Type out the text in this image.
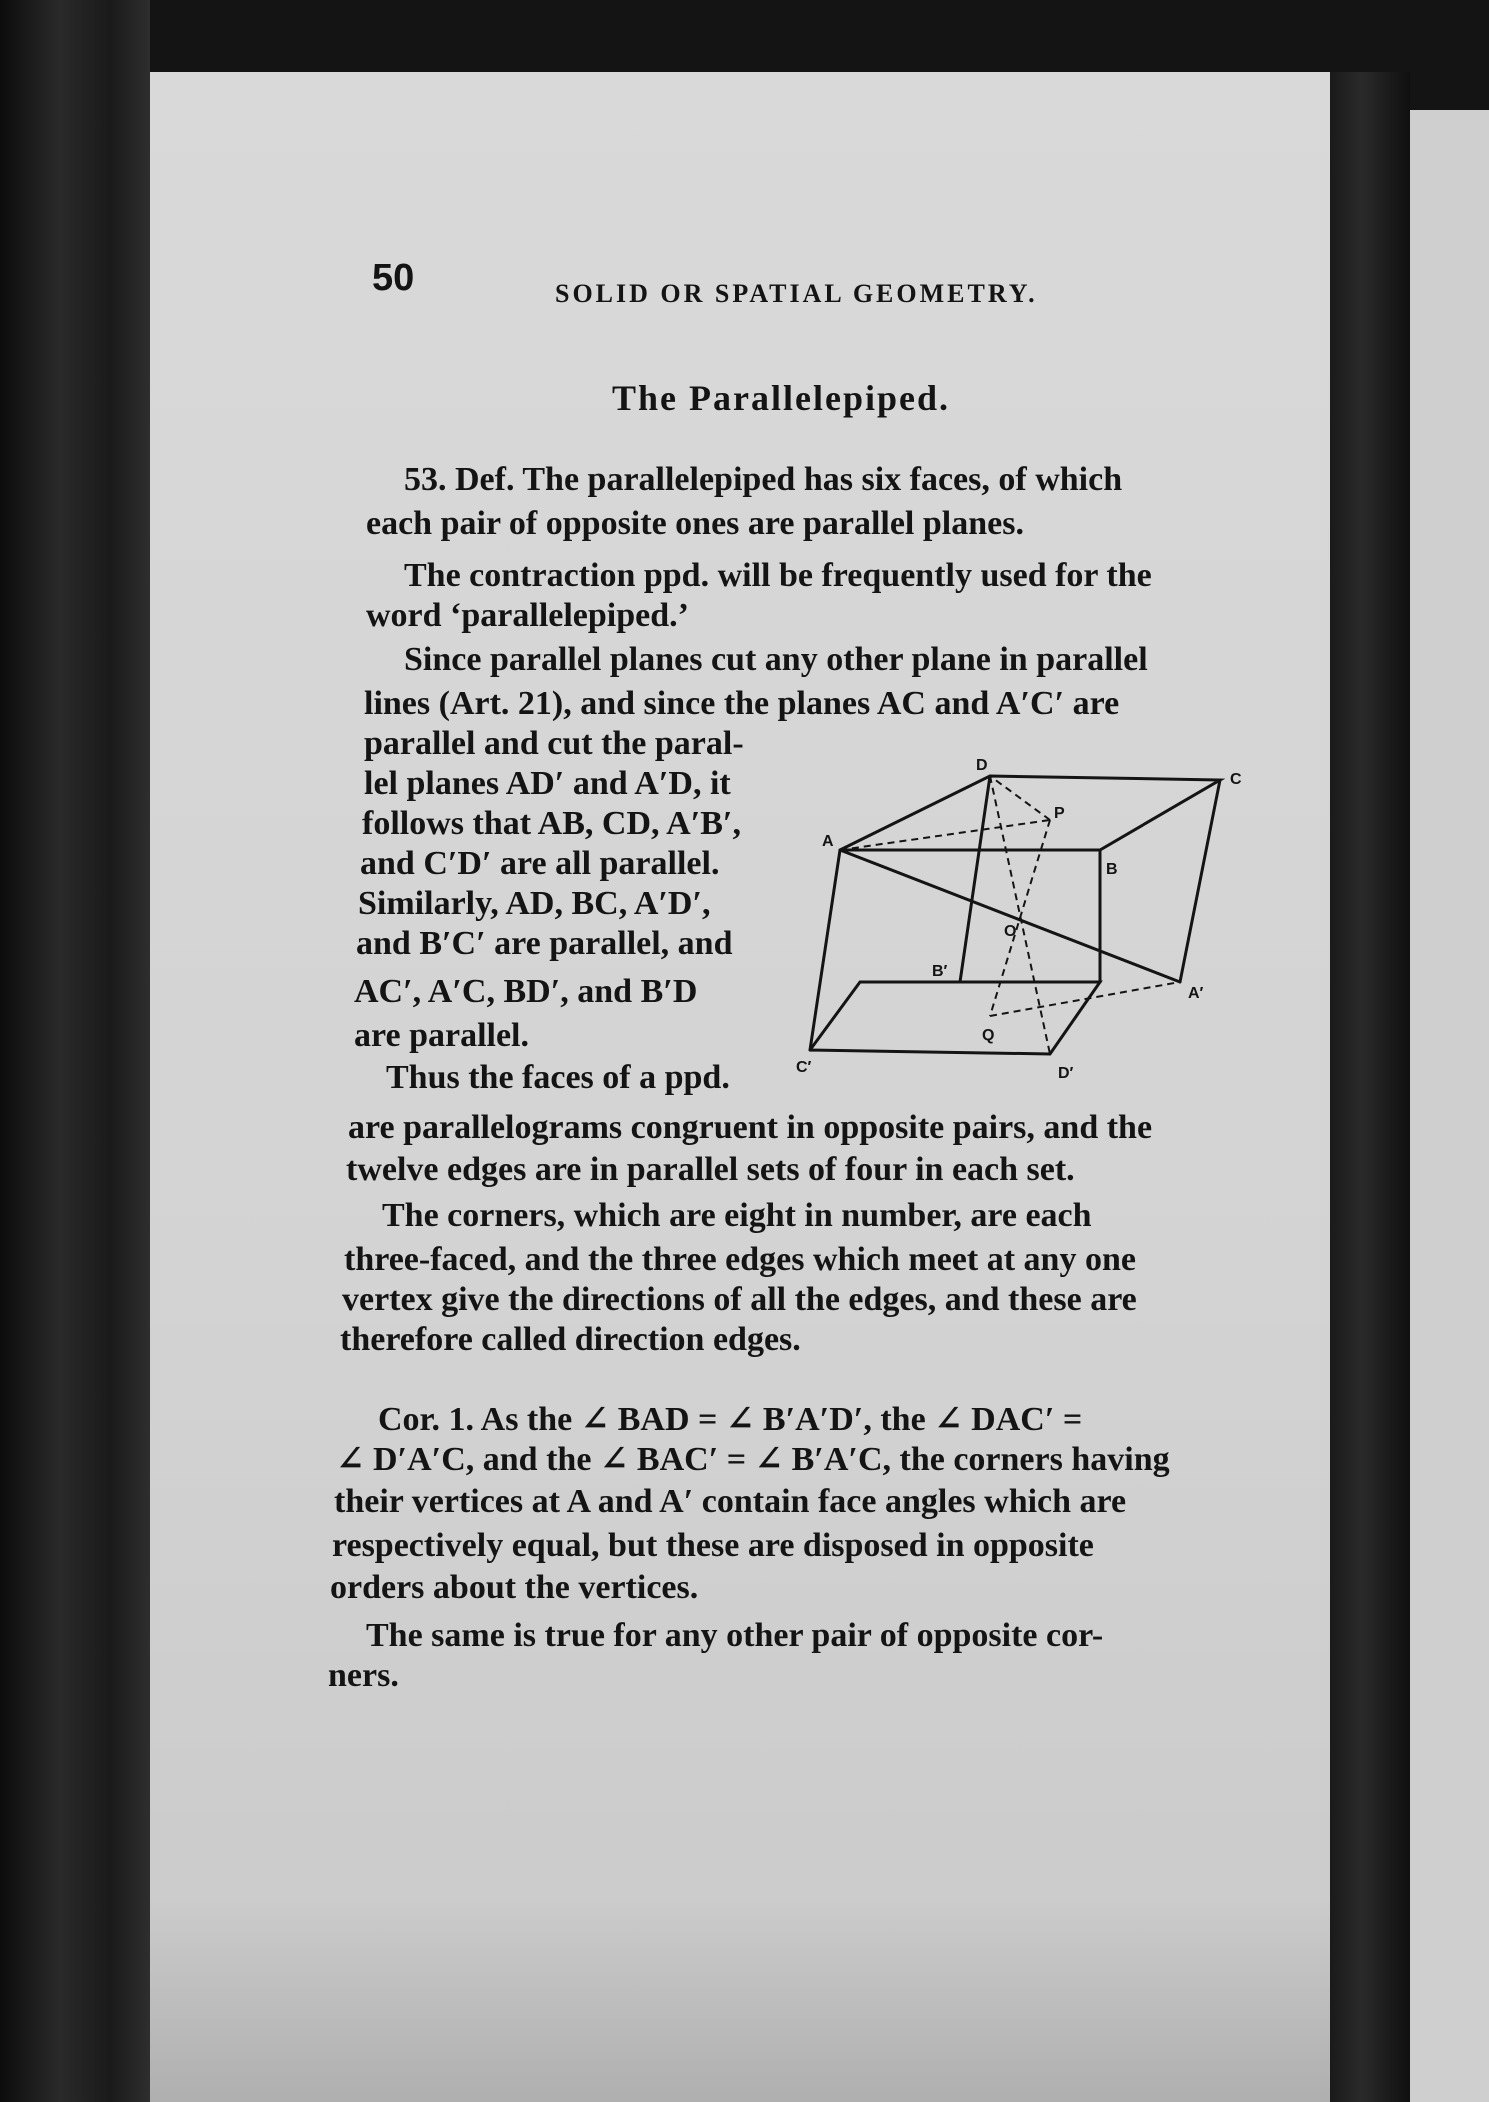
50	SOLID OR SPATIAL GEOMETRY.
The Parallelepiped.
53. Def. The parallelepiped has six faces, of which
each pair of opposite ones are parallel planes.
The contraction ppd. will be frequently used for the
word ‘parallelepiped.’
Since parallel planes cut any other plane in parallel
lines (Art. 21), and since the planes AC and A′C′ are
parallel and cut the paral-
lel planes AD′ and A′D, it
follows that AB, CD, A′B′,
and C′D′ are all parallel.
Similarly, AD, BC, A′D′,
and B′C′ are parallel, and
AC′, A′C, BD′, and B′D
are parallel.
Thus the faces of a ppd.
are parallelograms congruent in opposite pairs, and the
twelve edges are in parallel sets of four in each set.
The corners, which are eight in number, are each
three-faced, and the three edges which meet at any one
vertex give the directions of all the edges, and these are
therefore called direction edges.
Cor. 1. As the ∠ BAD = ∠ B′A′D′, the ∠ DAC′ =
∠ D′A′C, and the ∠ BAC′ = ∠ B′A′C, the corners having
their vertices at A and A′ contain face angles which are
respectively equal, but these are disposed in opposite
orders about the vertices.
The same is true for any other pair of opposite cor-
ners.
D
C
A
B
P
O
B′
A′
Q
C′	D′
